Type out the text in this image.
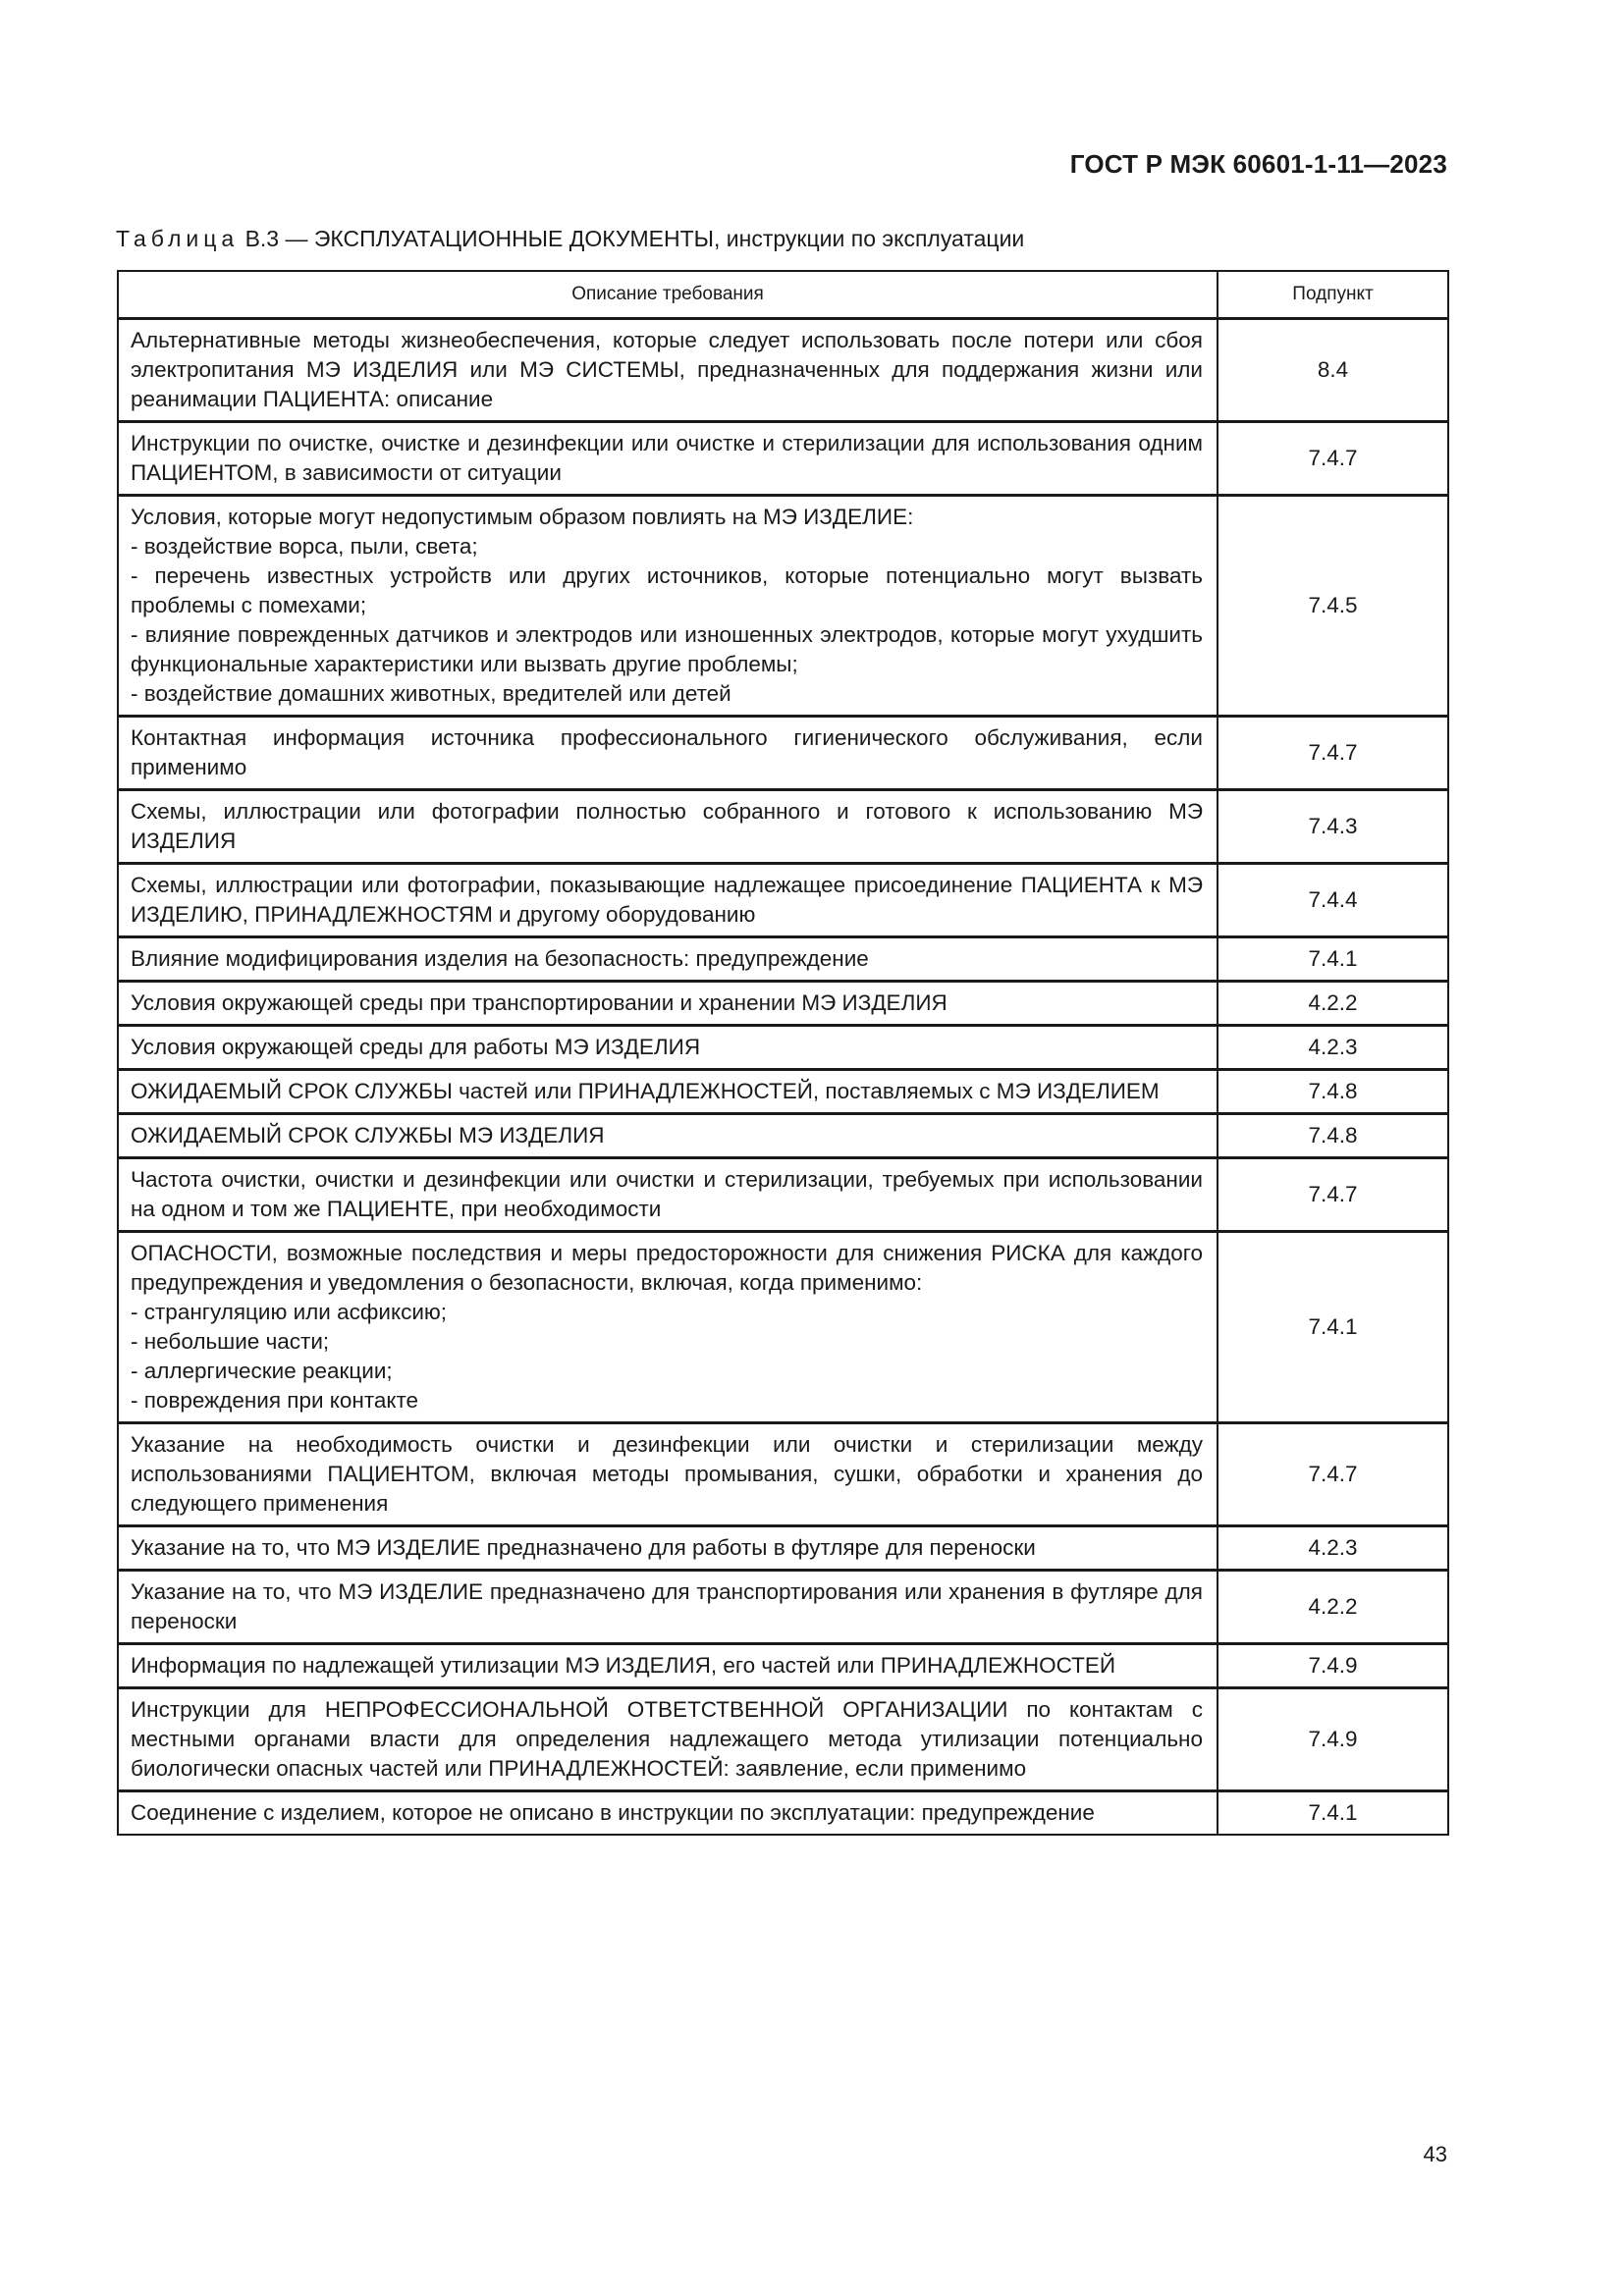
ГОСТ Р МЭК 60601-1-11—2023
Таблица B.3 — ЭКСПЛУАТАЦИОННЫЕ ДОКУМЕНТЫ, инструкции по эксплуатации
Описание требования	Подпункт
Альтернативные методы жизнеобеспечения, которые следует использовать после потери или сбоя электропитания МЭ ИЗДЕЛИЯ или МЭ СИСТЕМЫ, предназначенных для поддержания жизни или реанимации ПАЦИЕНТА: описание	8.4
Инструкции по очистке, очистке и дезинфекции или очистке и стерилизации для использования одним ПАЦИЕНТОМ, в зависимости от ситуации	7.4.7
Условия, которые могут недопустимым образом повлиять на МЭ ИЗДЕЛИЕ:
- воздействие ворса, пыли, света;
- перечень известных устройств или других источников, которые потенциально могут вызвать проблемы с помехами;
- влияние поврежденных датчиков и электродов или изношенных электродов, которые могут ухудшить функциональные характеристики или вызвать другие проблемы;
- воздействие домашних животных, вредителей или детей	7.4.5
Контактная информация источника профессионального гигиенического обслуживания, если применимо	7.4.7
Схемы, иллюстрации или фотографии полностью собранного и готового к использованию МЭ ИЗДЕЛИЯ	7.4.3
Схемы, иллюстрации или фотографии, показывающие надлежащее присоединение ПАЦИЕНТА к МЭ ИЗДЕЛИЮ, ПРИНАДЛЕЖНОСТЯМ и другому оборудованию	7.4.4
Влияние модифицирования изделия на безопасность: предупреждение	7.4.1
Условия окружающей среды при транспортировании и хранении МЭ ИЗДЕЛИЯ	4.2.2
Условия окружающей среды для работы МЭ ИЗДЕЛИЯ	4.2.3
ОЖИДАЕМЫЙ СРОК СЛУЖБЫ частей или ПРИНАДЛЕЖНОСТЕЙ, поставляемых с МЭ ИЗДЕЛИЕМ	7.4.8
ОЖИДАЕМЫЙ СРОК СЛУЖБЫ МЭ ИЗДЕЛИЯ	7.4.8
Частота очистки, очистки и дезинфекции или очистки и стерилизации, требуемых при использовании на одном и том же ПАЦИЕНТЕ, при необходимости	7.4.7
ОПАСНОСТИ, возможные последствия и меры предосторожности для снижения РИСКА для каждого предупреждения и уведомления о безопасности, включая, когда применимо:
- странгуляцию или асфиксию;
- небольшие части;
- аллергические реакции;
- повреждения при контакте	7.4.1
Указание на необходимость очистки и дезинфекции или очистки и стерилизации между использованиями ПАЦИЕНТОМ, включая методы промывания, сушки, обработки и хранения до следующего применения	7.4.7
Указание на то, что МЭ ИЗДЕЛИЕ предназначено для работы в футляре для переноски	4.2.3
Указание на то, что МЭ ИЗДЕЛИЕ предназначено для транспортирования или хранения в футляре для переноски	4.2.2
Информация по надлежащей утилизации МЭ ИЗДЕЛИЯ, его частей или ПРИНАДЛЕЖНОСТЕЙ	7.4.9
Инструкции для НЕПРОФЕССИОНАЛЬНОЙ ОТВЕТСТВЕННОЙ ОРГАНИЗАЦИИ по контактам с местными органами власти для определения надлежащего метода утилизации потенциально биологически опасных частей или ПРИНАДЛЕЖНОСТЕЙ: заявление, если применимо	7.4.9
Соединение с изделием, которое не описано в инструкции по эксплуатации: предупреждение	7.4.1
43
